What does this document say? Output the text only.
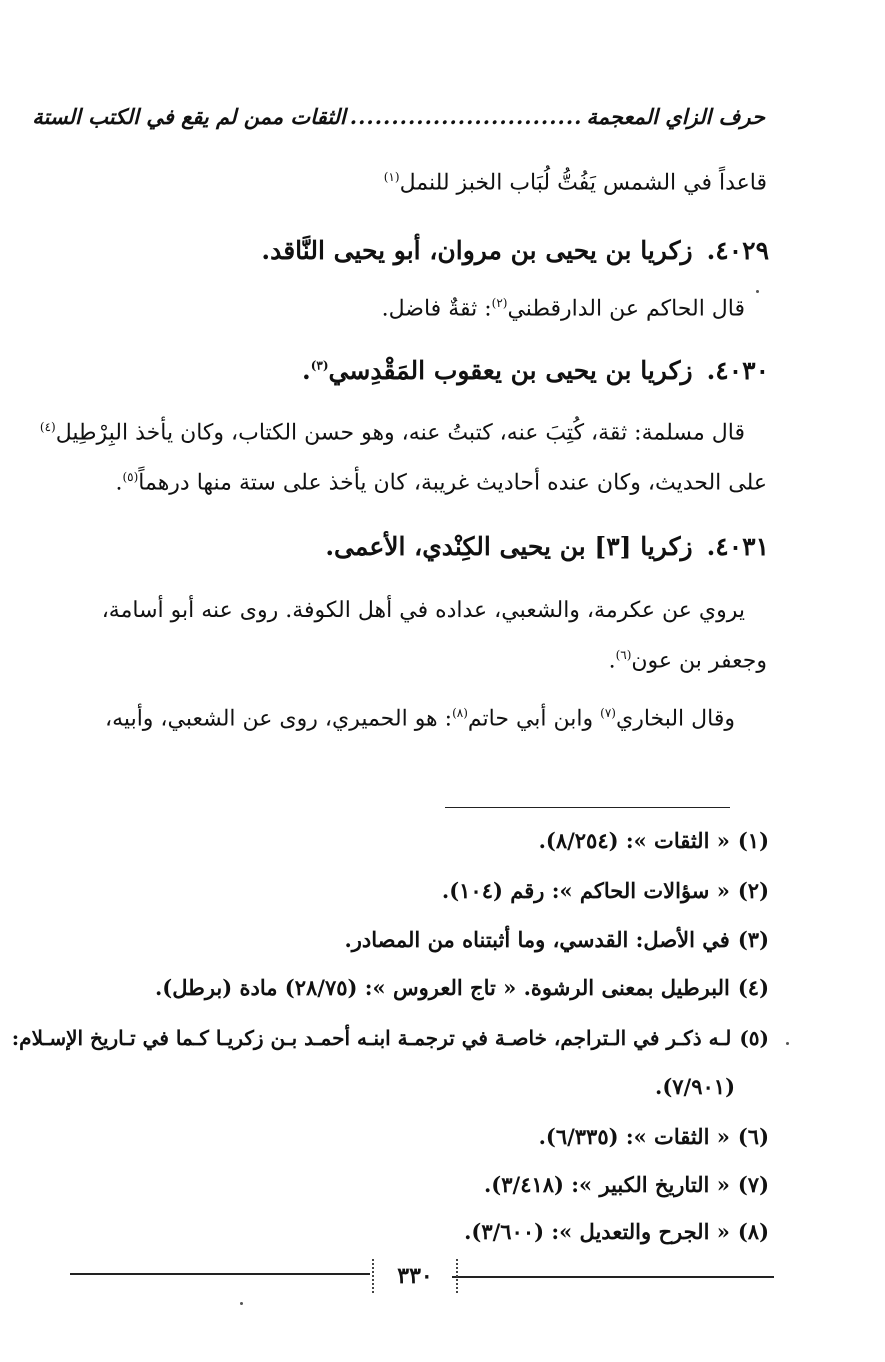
حرف الزاي المعجمة
............................
الثقات ممن لم يقع في الكتب الستة
قاعداً في الشمس يَفُتُّ لُبَاب الخبز للنمل$^{(١)}$
٤٠٢٩.زكريا بن يحيى بن مروان، أبو يحيى النَّاقد.
قال الحاكم عن الدارقطني$^{(٢)}$: ثقةٌ فاضل.
٤٠٣٠.زكريا بن يحيى بن يعقوب المَقْدِسي$^{(٣)}$.
قال مسلمة: ثقة، كُتِبَ عنه، كتبتُ عنه، وهو حسن الكتاب، وكان يأخذ البِرْطِيل$^{(٤)}$
على الحديث، وكان عنده أحاديث غريبة، كان يأخذ على ستة منها درهماً$^{(٥)}$.
٤٠٣١.زكريا [٣] بن يحيى الكِنْدي، الأعمى.
يروي عن عكرمة، والشعبي، عداده في أهل الكوفة. روى عنه أبو أسامة،
وجعفر بن عون$^{(٦)}$.
وقال البخاري$^{(٧)}$ وابن أبي حاتم$^{(٨)}$: هو الحميري، روى عن الشعبي، وأبيه،
(١)« الثقات »: (٨/٢٥٤).
(٢)« سؤالات الحاكم »: رقم (١٠٤).
(٣)في الأصل: القدسي، وما أثبتناه من المصادر.
(٤)البرطيل بمعنى الرشوة. « تاج العروس »: (٢٨/٧٥) مادة (برطل).
(٥)لـه ذكـر في الـتراجم، خاصـة في ترجمـة ابنـه أحمـد بـن زكريـا كـما في تـاريخ الإسـلام:
(٧/٩٠١).
(٦)« الثقات »: (٦/٣٣٥).
(٧)« التاريخ الكبير »: (٣/٤١٨).
(٨)« الجرح والتعديل »: (٣/٦٠٠).
٣٣٠
